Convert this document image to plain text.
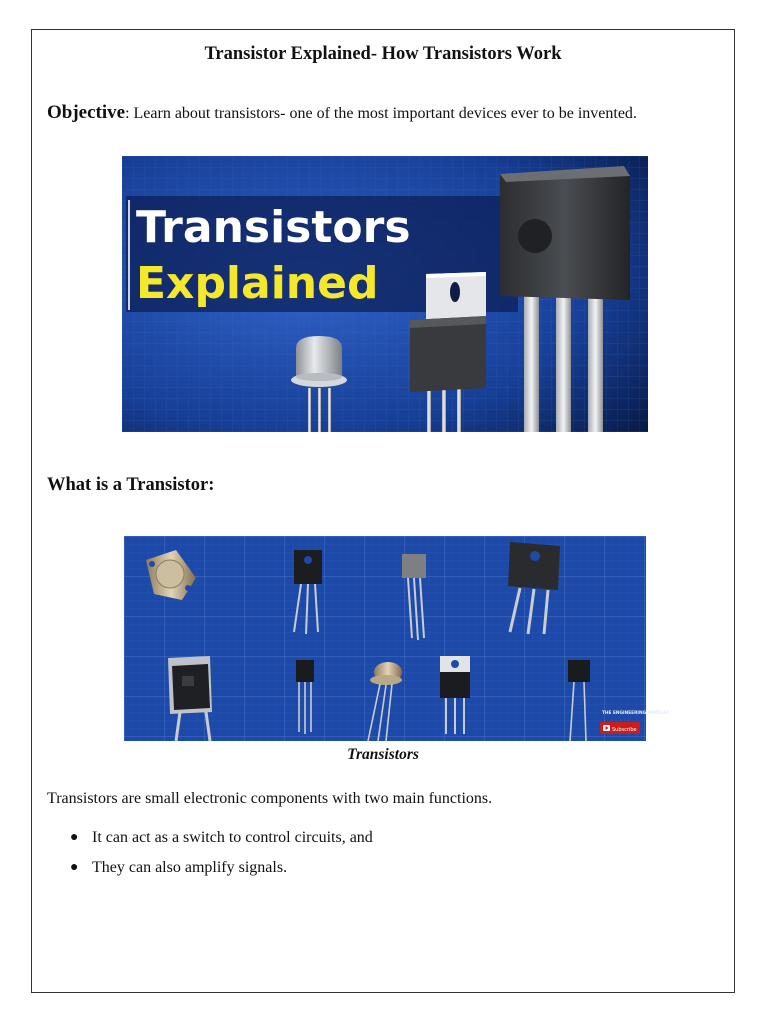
Transistor Explained- How Transistors Work
Objective: Learn about transistors- one of the most important devices ever to be invented.
Transistors
Explained
What is a Transistor:
THE ENGINEERING MINDSET
Subscribe
Transistors
Transistors are small electronic components with two main functions.
● It can act as a switch to control circuits, and
● They can also amplify signals.
